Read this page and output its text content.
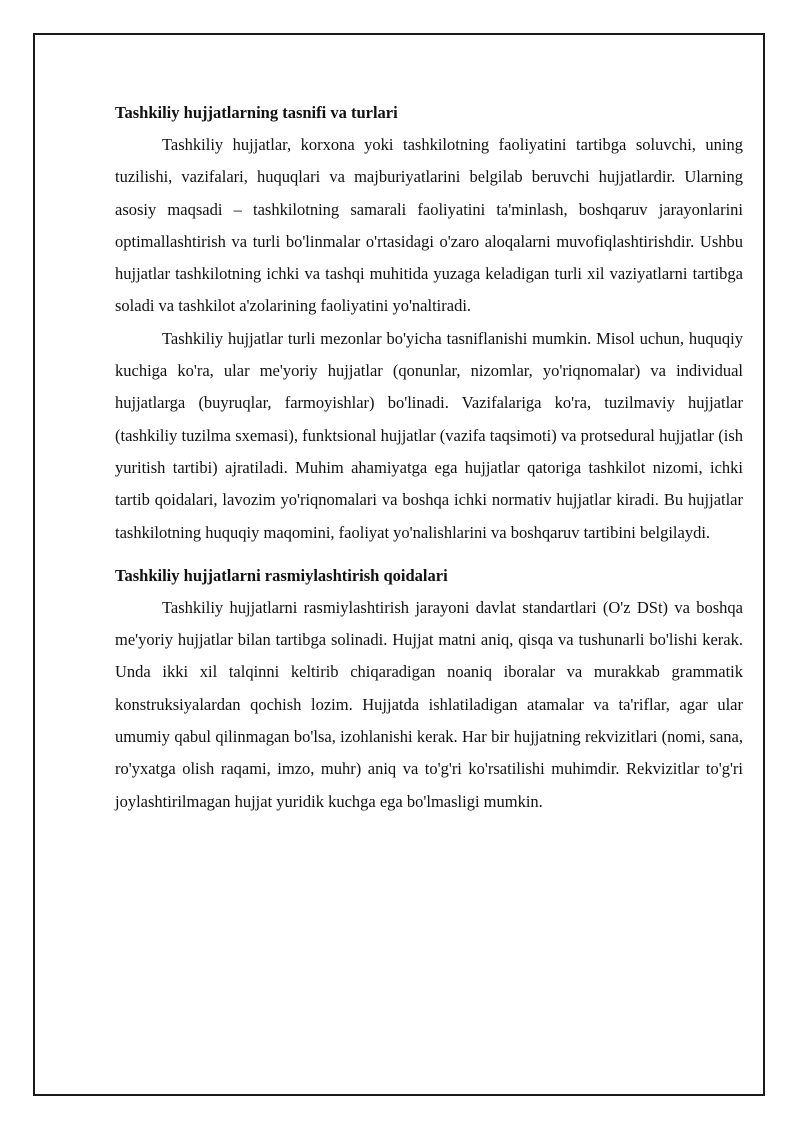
Tashkiliy hujjatlarning tasnifi va turlari

Tashkiliy hujjatlar, korxona yoki tashkilotning faoliyatini tartibga soluvchi, uning tuzilishi, vazifalari, huquqlari va majburiyatlarini belgilab beruvchi hujjatlardir. Ularning asosiy maqsadi – tashkilotning samarali faoliyatini ta'minlash, boshqaruv jarayonlarini optimallashtirish va turli bo'linmalar o'rtasidagi o'zaro aloqalarni muvofiqlashtirishdir. Ushbu hujjatlar tashkilotning ichki va tashqi muhitida yuzaga keladigan turli xil vaziyatlarni tartibga soladi va tashkilot a'zolarining faoliyatini yo'naltiradi.

Tashkiliy hujjatlar turli mezonlar bo'yicha tasniflanishi mumkin. Misol uchun, huquqiy kuchiga ko'ra, ular me'yoriy hujjatlar (qonunlar, nizomlar, yo'riqnomalar) va individual hujjatlarga (buyruqlar, farmoyishlar) bo'linadi. Vazifalariga ko'ra, tuzilmaviy hujjatlar (tashkiliy tuzilma sxemasi), funktsional hujjatlar (vazifa taqsimoti) va protsedural hujjatlar (ish yuritish tartibi) ajratiladi. Muhim ahamiyatga ega hujjatlar qatoriga tashkilot nizomi, ichki tartib qoidalari, lavozim yo'riqnomalari va boshqa ichki normativ hujjatlar kiradi. Bu hujjatlar tashkilotning huquqiy maqomini, faoliyat yo'nalishlarini va boshqaruv tartibini belgilaydi.

Tashkiliy hujjatlarni rasmiylashtirish qoidalari

Tashkiliy hujjatlarni rasmiylashtirish jarayoni davlat standartlari (O'z DSt) va boshqa me'yoriy hujjatlar bilan tartibga solinadi. Hujjat matni aniq, qisqa va tushunarli bo'lishi kerak. Unda ikki xil talqinni keltirib chiqaradigan noaniq iboralar va murakkab grammatik konstruksiyalardan qochish lozim. Hujjatda ishlatiladigan atamalar va ta'riflar, agar ular umumiy qabul qilinmagan bo'lsa, izohlanishi kerak. Har bir hujjatning rekvizitlari (nomi, sana, ro'yxatga olish raqami, imzo, muhr) aniq va to'g'ri ko'rsatilishi muhimdir. Rekvizitlar to'g'ri joylashtirilmagan hujjat yuridik kuchga ega bo'lmasligi mumkin.
